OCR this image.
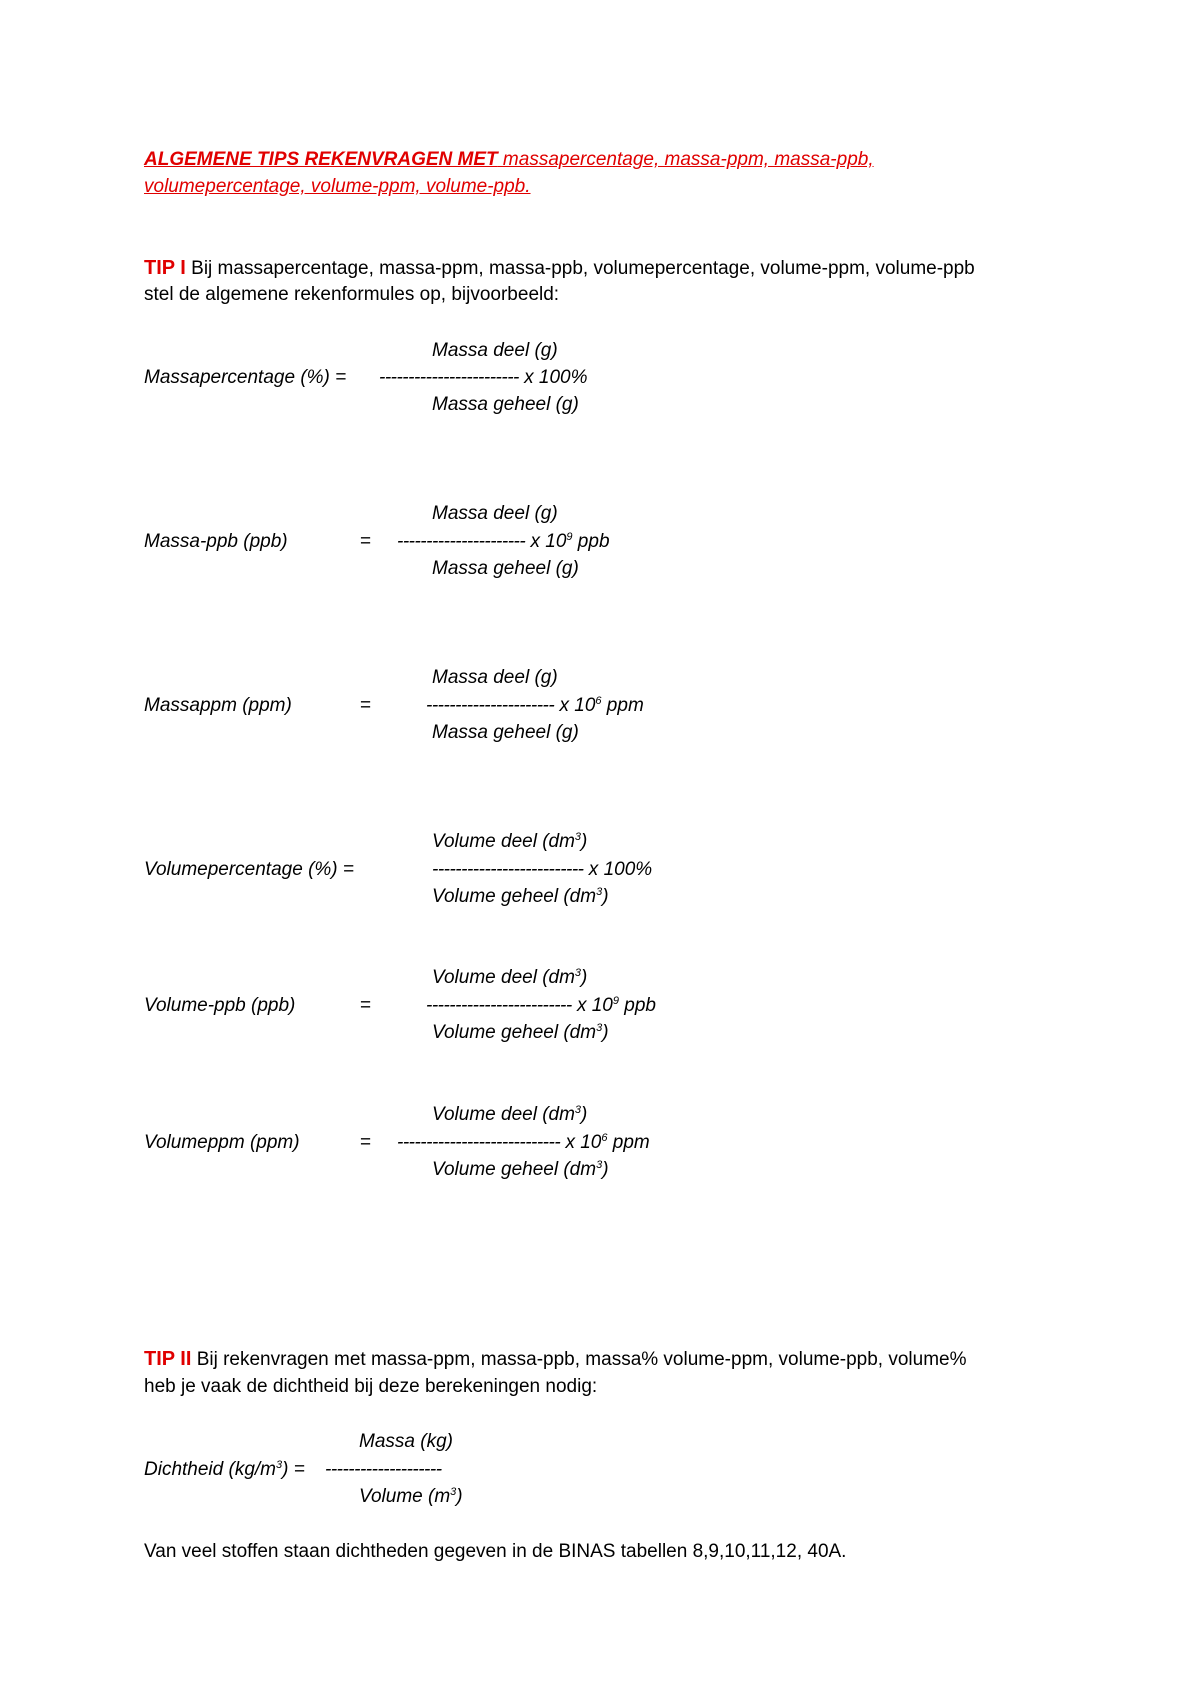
ALGEMENE TIPS REKENVRAGEN MET massapercentage, massa-ppm, massa-ppb,
volumepercentage, volume-ppm, volume-ppb.
TIP I Bij massapercentage, massa-ppm, massa-ppb, volumepercentage, volume-ppm, volume-ppb
stel de algemene rekenformules op, bijvoorbeeld:
Massa deel (g)
Massapercentage (%) = ------------------------ x 100%
Massa geheel (g)
Massa deel (g)
Massa-ppb (ppb)	= ---------------------- x $10^9$ ppb
Massa geheel (g)
Massa deel (g)
Massappm (ppm)	=	---------------------- x $10^6$ ppm
Massa geheel (g)
Volume deel $(dm^3)$
Volumepercentage (%) =	-------------------------- x 100%
Volume geheel $(dm^3)$
Volume deel $(dm^3)$
Volume-ppb (ppb)	=	------------------------- x $10^9$ ppb
Volume geheel $(dm^3)$
Volume deel $(dm^3)$
Volumeppm (ppm)	= ---------------------------- x $10^6$ ppm
Volume geheel $(dm^3)$
TIP II Bij rekenvragen met massa-ppm, massa-ppb, massa% volume-ppm, volume-ppb, volume%
heb je vaak de dichtheid bij deze berekeningen nodig:
Massa (kg)
Dichtheid $(kg/m^3)$ = --------------------
Volume $(m^3)$
Van veel stoffen staan dichtheden gegeven in de BINAS tabellen 8,9,10,11,12, 40A.
